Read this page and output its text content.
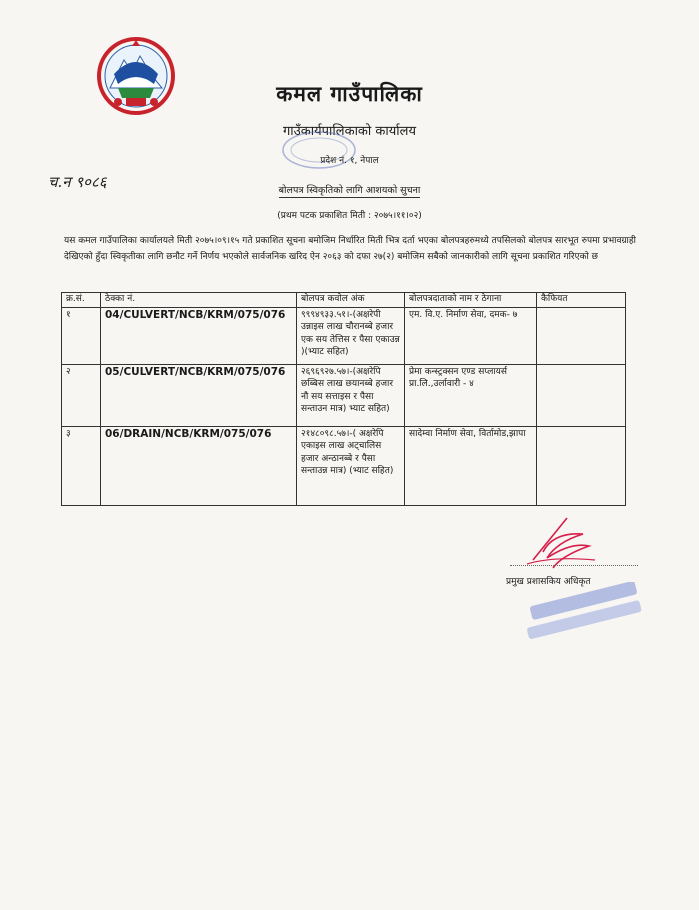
कमल गाउँपालिका
गाउँकार्यपालिकाको कार्यालय
प्रदेश नं. १, नेपाल
च.न ९०८६	बोलपत्र स्विकृतिको लागि आशयको सुचना
(प्रथम पटक प्रकाशित मिती : २०७५।११।०२)
यस कमल गाउँपालिका कार्यालयले मिती २०७५।०९।१५ गते प्रकाशित सूचना बमोजिम निर्धारित मिती भित्र दर्ता भएका बोलपत्रहरुमध्ये तपसिलको बोलपत्र सारभूत रुपमा प्रभावग्राही देखिएको हुँदा स्विकृतीका लागि छनौट गर्ने निर्णय भएकोले सार्वजनिक खरिद ऐन २०६३ को दफा २७(२) बमोजिम सबैको जानकारीको लागि सूचना प्रकाशित गरिएको छ
क्र.सं.	ठेक्का नं.	बोलपत्र कवोल अंक	बोलपत्रदाताको नाम र ठेगाना	कैफियत
१	04/CULVERT/NCB/KRM/075/076	९९९४९३३.५१।-(अक्षरेपी उन्नाइस लाख चौरानब्बे हजार एक सय तेत्तिस र पैसा एकाउन्न )(भ्याट सहित)	एम. वि.ए. निर्माण सेवा, दमक- ७	
२	05/CULVERT/NCB/KRM/075/076	२६९६९२७.५७।-(अक्षरेपि छब्बिस लाख छयानब्बे हजार नौ सय सत्ताइस र पैसा सन्ताउन मात्र) भ्याट सहित)	प्रेमा कन्स्ट्रक्सन एण्ड सप्लायर्स प्रा.लि.,उर्लावारी - ४	
३	06/DRAIN/NCB/KRM/075/076	२१४८०९८.५७।-( अक्षरेपि एकाइस लाख अट्चालिस हजार अन्ठानब्बे र पैसा सन्ताउन्न मात्र) (भ्याट सहित)	सादेम्वा निर्माण सेवा, विर्तामोड,झापा	
प्रमुख प्रशासकिय अधिकृत
